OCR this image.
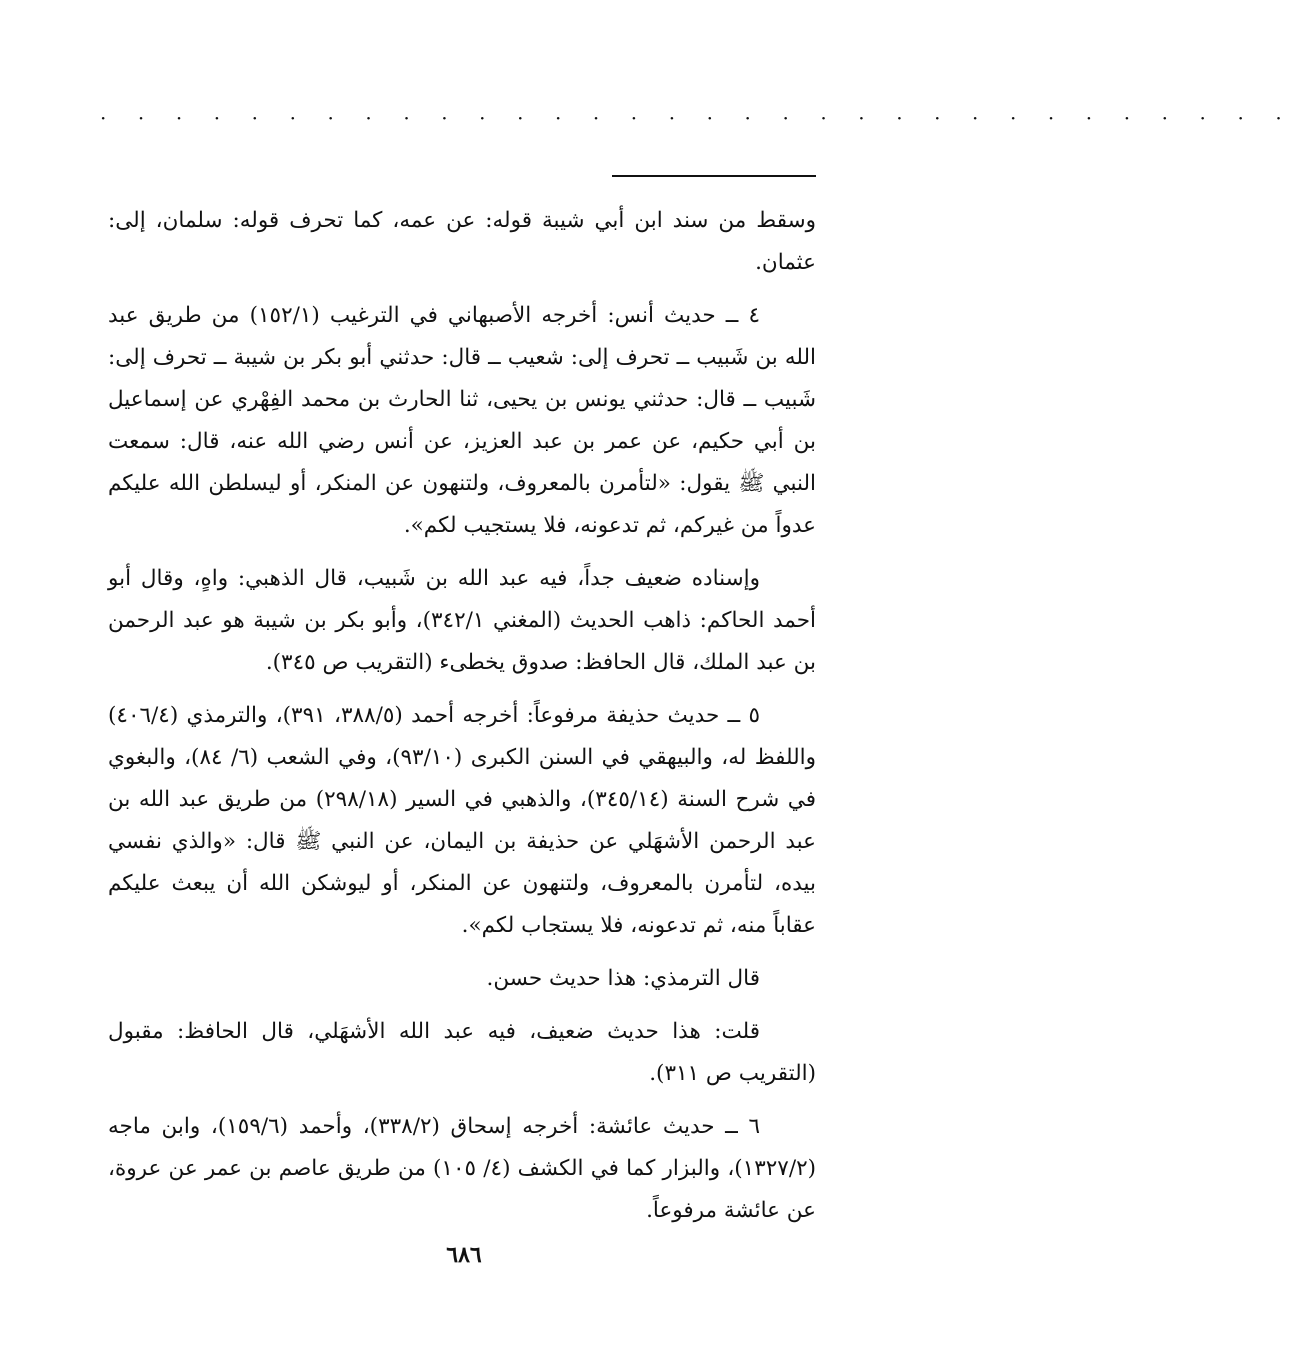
· · · · · · · · · · · · · · · · · · · · · · · · · · · · · · · ·

وسقط من سند ابن أبي شيبة قوله: عن عمه، كما تحرف قوله: سلمان، إلى: عثمان.

٤ ــ حديث أنس: أخرجه الأصبهاني في الترغيب (١٥٢/١) من طريق عبد الله بن شَبيب ــ تحرف إلى: شعيب ــ قال: حدثني أبو بكر بن شيبة ــ تحرف إلى: شَبيب ــ قال: حدثني يونس بن يحيى، ثنا الحارث بن محمد الفِهْري عن إسماعيل بن أبي حكيم، عن عمر بن عبد العزيز، عن أنس رضي الله عنه، قال: سمعت النبي ﷺ يقول: «لتأمرن بالمعروف، ولتنهون عن المنكر، أو ليسلطن الله عليكم عدواً من غيركم، ثم تدعونه، فلا يستجيب لكم».

وإسناده ضعيف جداً، فيه عبد الله بن شَبيب، قال الذهبي: واهٍ، وقال أبو أحمد الحاكم: ذاهب الحديث (المغني ٣٤٢/١)، وأبو بكر بن شيبة هو عبد الرحمن بن عبد الملك، قال الحافظ: صدوق يخطىء (التقريب ص ٣٤٥).

٥ ــ حديث حذيفة مرفوعاً: أخرجه أحمد (٣٨٨/٥، ٣٩١)، والترمذي (٤٠٦/٤) واللفظ له، والبيهقي في السنن الكبرى (٩٣/١٠)، وفي الشعب (٦/ ٨٤)، والبغوي في شرح السنة (٣٤٥/١٤)، والذهبي في السير (٢٩٨/١٨) من طريق عبد الله بن عبد الرحمن الأشهَلي عن حذيفة بن اليمان، عن النبي ﷺ قال: «والذي نفسي بيده، لتأمرن بالمعروف، ولتنهون عن المنكر، أو ليوشكن الله أن يبعث عليكم عقاباً منه، ثم تدعونه، فلا يستجاب لكم».

قال الترمذي: هذا حديث حسن.

قلت: هذا حديث ضعيف، فيه عبد الله الأشهَلي، قال الحافظ: مقبول (التقريب ص ٣١١).

٦ ــ حديث عائشة: أخرجه إسحاق (٣٣٨/٢)، وأحمد (١٥٩/٦)، وابن ماجه (١٣٢٧/٢)، والبزار كما في الكشف (٤/ ١٠٥) من طريق عاصم بن عمر عن عروة، عن عائشة مرفوعاً.

٦٨٦
